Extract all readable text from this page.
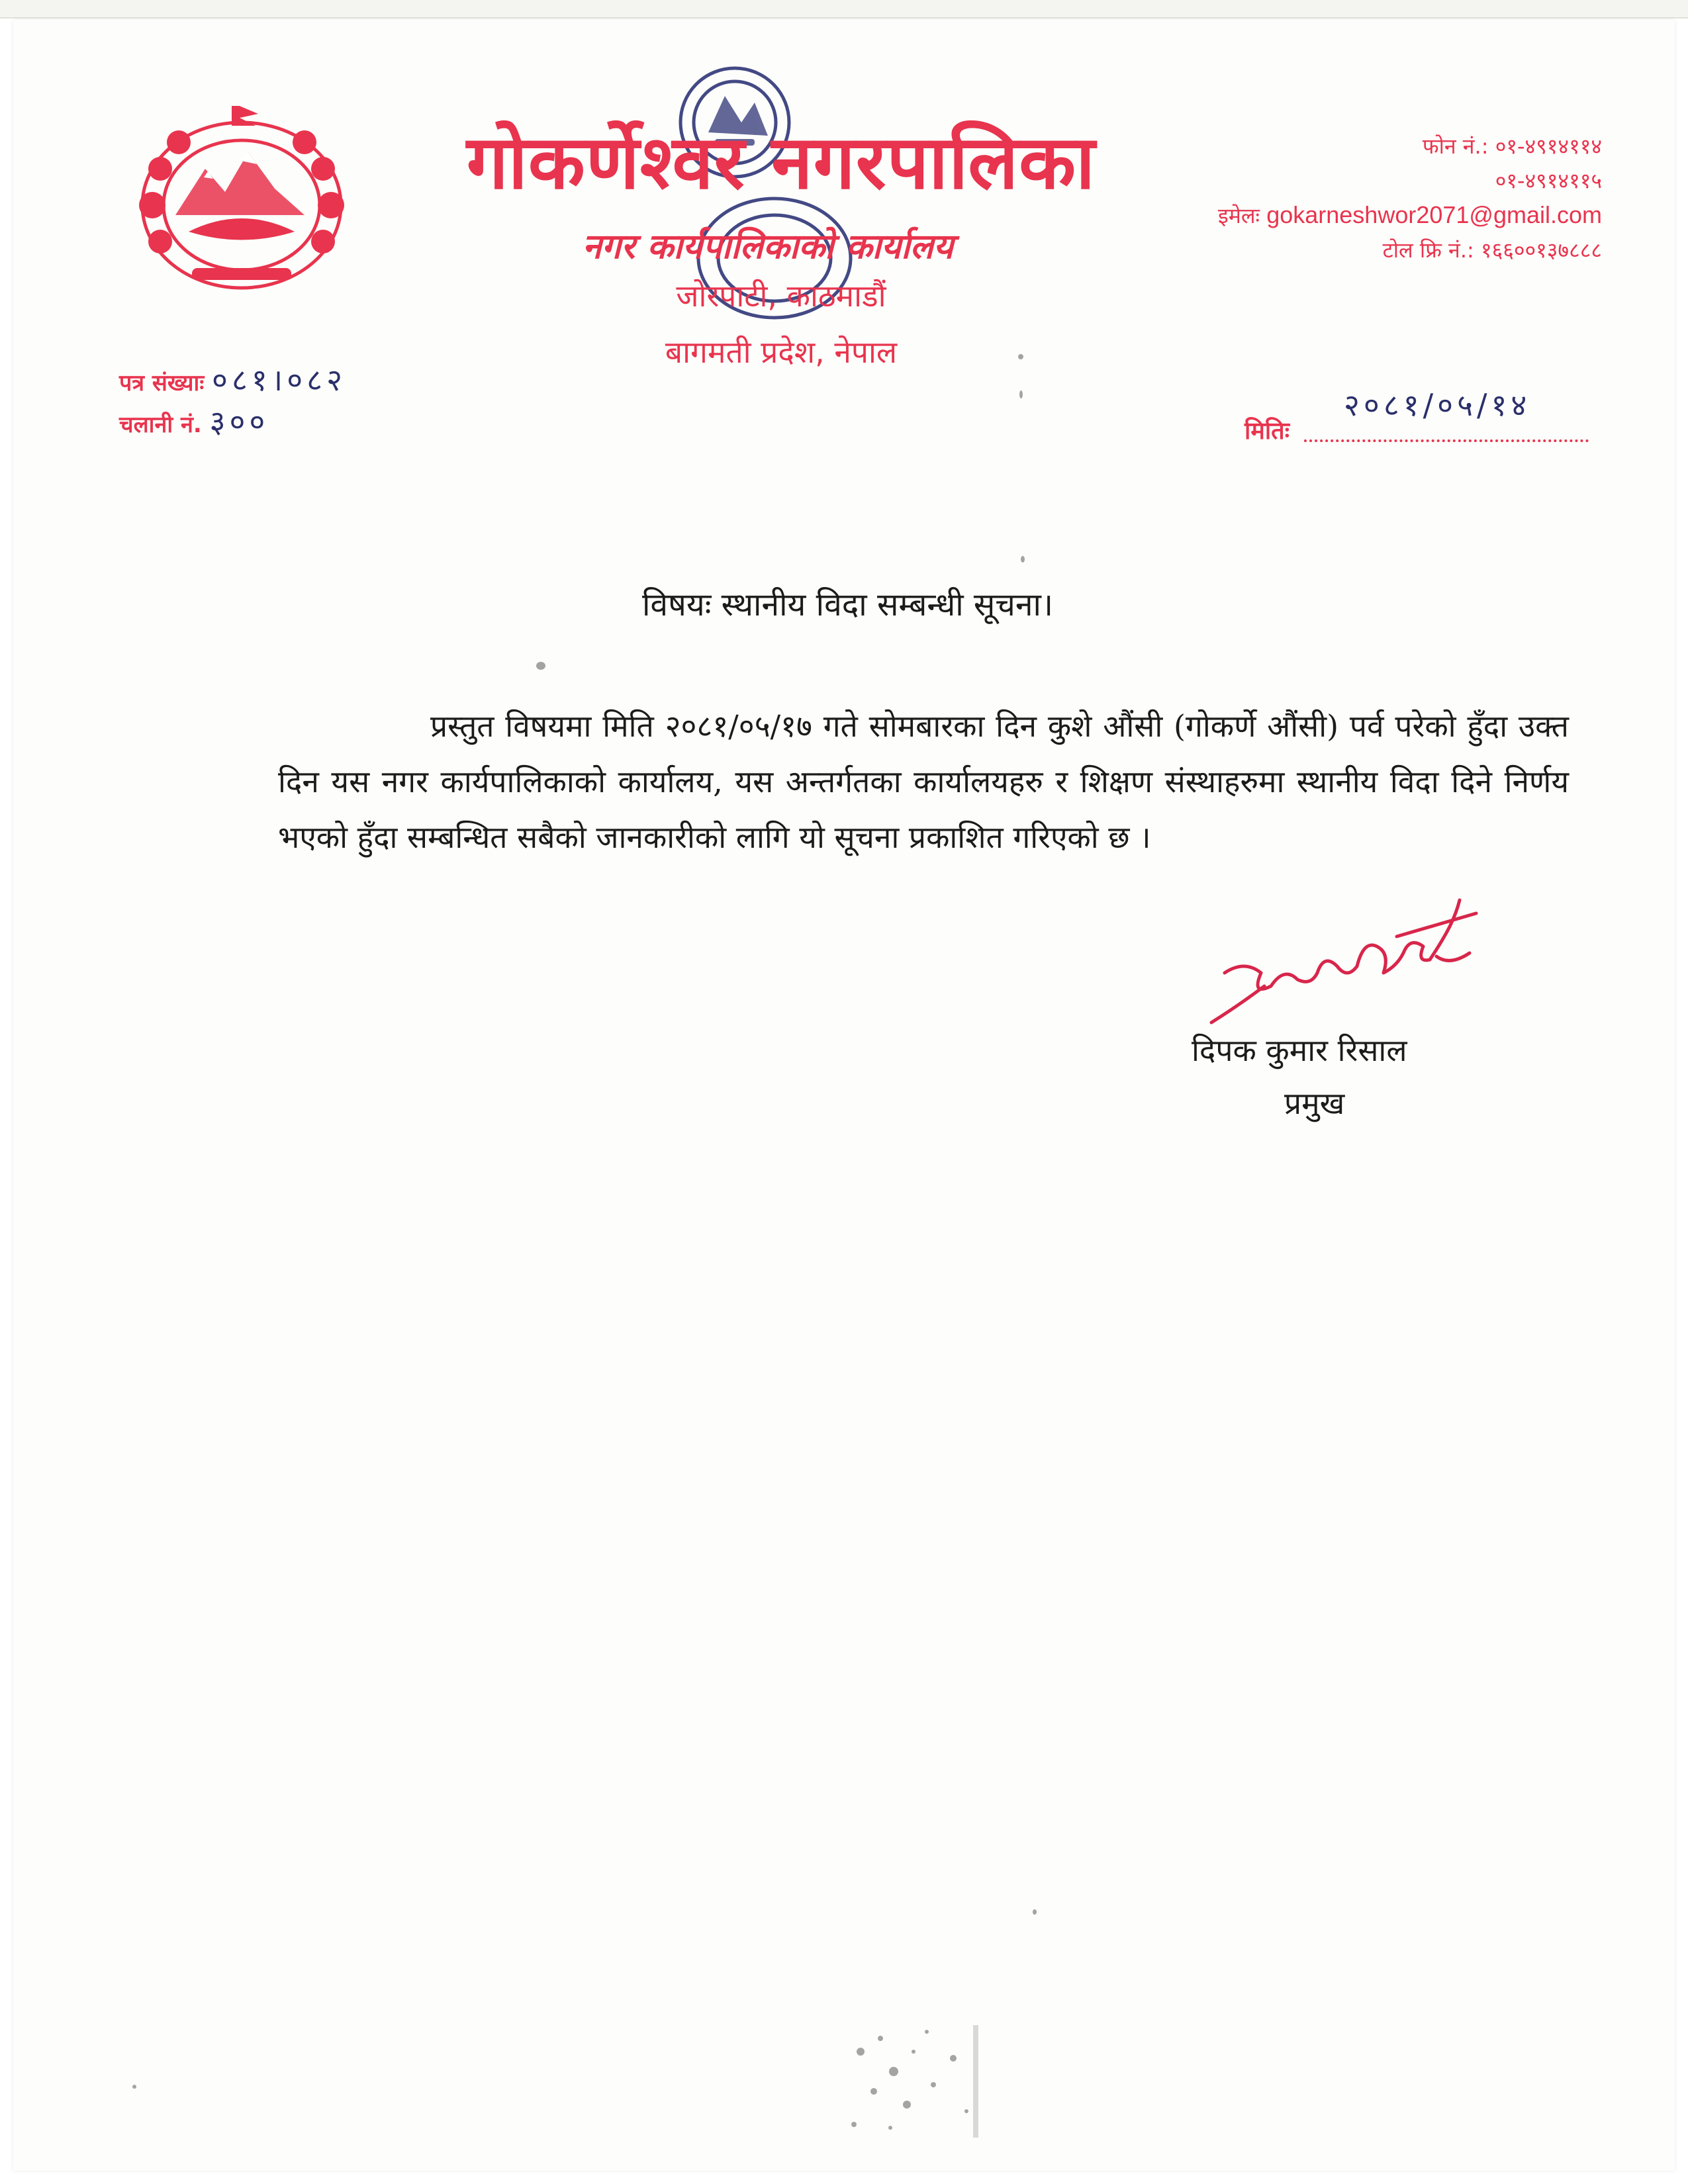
गोकर्णेश्वर नगरपालिका
नगर कार्यपालिकाको कार्यालय
जोरपाटी, काठमाडौं
बागमती प्रदेश, नेपाल
फोन नं.: ०१-४९१४११४
०१-४९१४११५
इमेलः gokarneshwor2071@gmail.com
टोल फ्रि नं.: १६६००१३७८८८
पत्र संख्याः ०८१।०८२
चलानी नं. ३००	२०८१/०५/१४
मितिः
विषयः स्थानीय विदा सम्बन्धी सूचना।
प्रस्तुत विषयमा मिति २०८१/०५/१७ गते सोमबारका दिन कुशे औंसी (गोकर्णे औंसी) पर्व परेको हुँदा उक्त दिन यस नगर कार्यपालिकाको कार्यालय, यस अन्तर्गतका कार्यालयहरु र शिक्षण संस्थाहरुमा स्थानीय विदा दिने निर्णय भएको हुँदा सम्बन्धित सबैको जानकारीको लागि यो सूचना प्रकाशित गरिएको छ ।
दिपक कुमार रिसाल
प्रमुख
